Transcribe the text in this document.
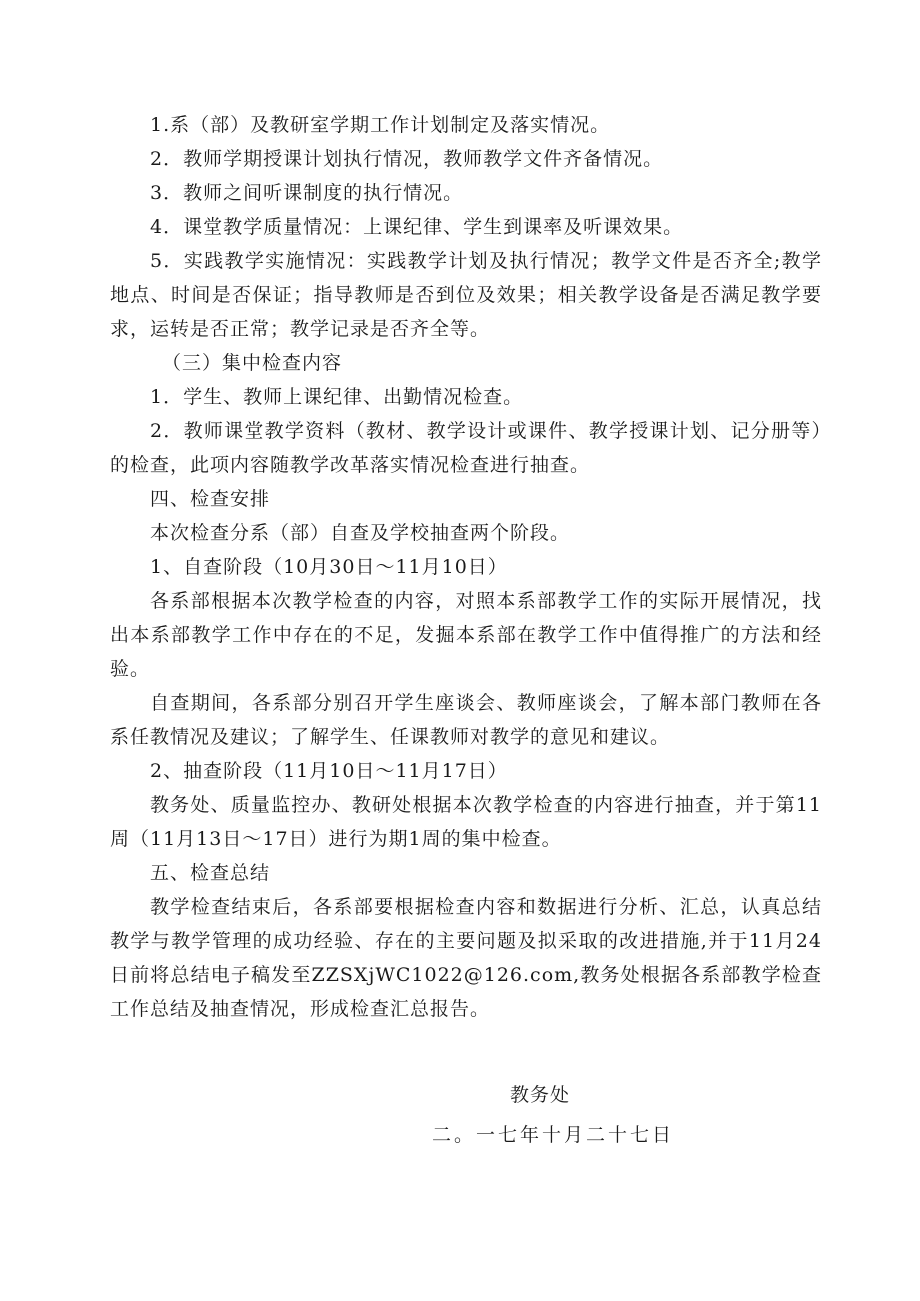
1.系（部）及教研室学期工作计划制定及落实情况。

2．教师学期授课计划执行情况，教师教学文件齐备情况。

3．教师之间听课制度的执行情况。

4．课堂教学质量情况：上课纪律、学生到课率及听课效果。

5．实践教学实施情况：实践教学计划及执行情况；教学文件是否齐全;教学地点、时间是否保证；指导教师是否到位及效果；相关教学设备是否满足教学要求，运转是否正常；教学记录是否齐全等。

（三）集中检查内容

1．学生、教师上课纪律、出勤情况检查。

2．教师课堂教学资料（教材、教学设计或课件、教学授课计划、记分册等）的检查，此项内容随教学改革落实情况检查进行抽查。

四、检查安排

本次检查分系（部）自查及学校抽查两个阶段。

1、自查阶段（10月30日～11月10日）

各系部根据本次教学检查的内容，对照本系部教学工作的实际开展情况，找出本系部教学工作中存在的不足，发掘本系部在教学工作中值得推广的方法和经验。

自查期间，各系部分别召开学生座谈会、教师座谈会，了解本部门教师在各系任教情况及建议；了解学生、任课教师对教学的意见和建议。

2、抽查阶段（11月10日～11月17日）

教务处、质量监控办、教研处根据本次教学检查的内容进行抽查，并于第11周（11月13日～17日）进行为期1周的集中检查。

五、检查总结

教学检查结束后，各系部要根据检查内容和数据进行分析、汇总，认真总结教学与教学管理的成功经验、存在的主要问题及拟采取的改进措施,并于11月24日前将总结电子稿发至ZZSXjWC1022@126.com,教务处根据各系部教学检查工作总结及抽查情况，形成检查汇总报告。

教务处
二。一七年十月二十七日
